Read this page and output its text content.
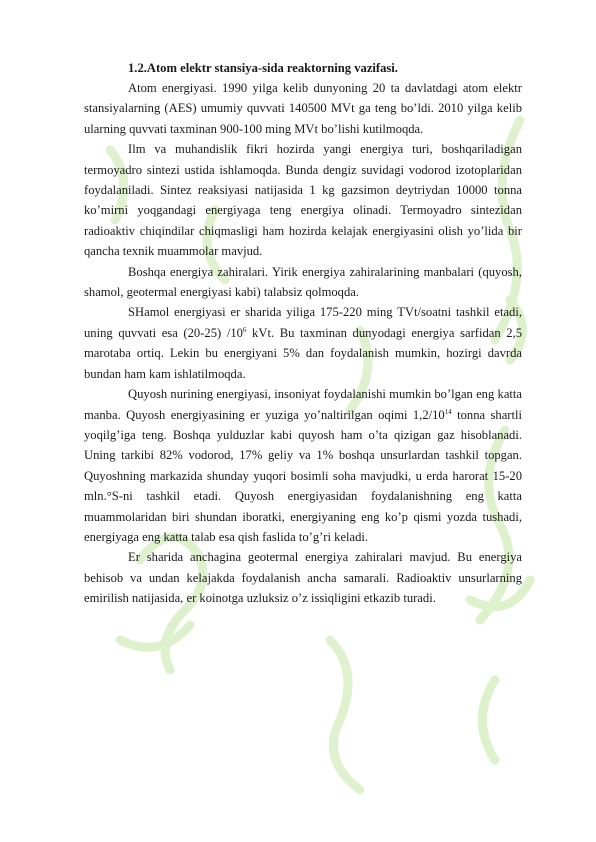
1.2.Atom elektr stansiya-sida reaktorning vazifasi.

Atom energiyasi. 1990 yilga kelib dunyoning 20 ta davlatdagi atom elektr stansiyalarning (AES) umumiy quvvati 140500 MVt ga teng bo’ldi. 2010 yilga kelib ularning quvvati taxminan 900-100 ming MVt bo’lishi kutilmoqda.

Ilm va muhandislik fikri hozirda yangi energiya turi, boshqariladigan termoyadro sintezi ustida ishlamoqda. Bunda dengiz suvidagi vodorod izotoplaridan foydalaniladi. Sintez reaksiyasi natijasida 1 kg gazsimon deytriydan 10000 tonna ko’mirni yoqgandagi energiyaga teng energiya olinadi. Termoyadro sintezidan radioaktiv chiqindilar chiqmasligi ham hozirda kelajak energiyasini olish yo’lida bir qancha texnik muammolar mavjud.

Boshqa energiya zahiralari. Yirik energiya zahiralarining manbalari (quyosh, shamol, geotermal energiyasi kabi) talabsiz qolmoqda.

SHamol energiyasi er sharida yiliga 175-220 ming TVt/soatni tashkil etadi, uning quvvati esa (20-25) $/10^6$ kVt. Bu taxminan dunyodagi energiya sarfidan 2,5 marotaba ortiq. Lekin bu energiyani 5% dan foydalanish mumkin, hozirgi davrda bundan ham kam ishlatilmoqda.

Quyosh nurining energiyasi, insoniyat foydalanishi mumkin bo’lgan eng katta manba. Quyosh energiyasining er yuziga yo’naltirilgan oqimi $1,2/10^{14}$ tonna shartli yoqilg’iga teng. Boshqa yulduzlar kabi quyosh ham o’ta qizigan gaz hisoblanadi. Uning tarkibi 82% vodorod, 17% geliy va 1% boshqa unsurlardan tashkil topgan. Quyoshning markazida shunday yuqori bosimli soha mavjudki, u erda harorat 15-20 mln.°S-ni tashkil etadi. Quyosh energiyasidan foydalanishning eng katta muammolaridan biri shundan iboratki, energiyaning eng ko’p qismi yozda tushadi, energiyaga eng katta talab esa qish faslida to’g’ri keladi.

Er sharida anchagina geotermal energiya zahiralari mavjud. Bu energiya behisob va undan kelajakda foydalanish ancha samarali. Radioaktiv unsurlarning emirilish natijasida, er koinotga uzluksiz o’z issiqligini etkazib turadi.
